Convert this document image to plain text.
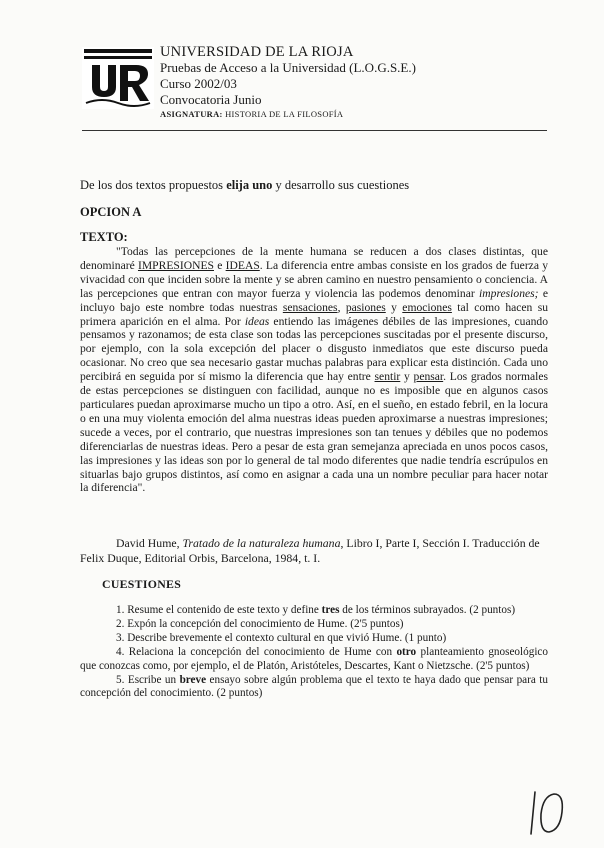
UNIVERSIDAD DE LA RIOJA
Pruebas de Acceso a la Universidad (L.O.G.S.E.)
Curso 2002/03
Convocatoria Junio
ASIGNATURA: HISTORIA DE LA FILOSOFÍA
De los dos textos propuestos elija uno y desarrollo sus cuestiones
OPCION A
TEXTO:
"Todas las percepciones de la mente humana se reducen a dos clases distintas, que denominaré IMPRESIONES e IDEAS. La diferencia entre ambas consiste en los grados de fuerza y vivacidad con que inciden sobre la mente y se abren camino en nuestro pensamiento o conciencia. A las percepciones que entran con mayor fuerza y violencia las podemos denominar impresiones; e incluyo bajo este nombre todas nuestras sensaciones, pasiones y emociones tal como hacen su primera aparición en el alma. Por ideas entiendo las imágenes débiles de las impresiones, cuando pensamos y razonamos; de esta clase son todas las percepciones suscitadas por el presente discurso, por ejemplo, con la sola excepción del placer o disgusto inmediatos que este discurso pueda ocasionar. No creo que sea necesario gastar muchas palabras para explicar esta distinción. Cada uno percibirá en seguida por sí mismo la diferencia que hay entre sentir y pensar. Los grados normales de estas percepciones se distinguen con facilidad, aunque no es imposible que en algunos casos particulares puedan aproximarse mucho un tipo a otro. Así, en el sueño, en estado febril, en la locura o en una muy violenta emoción del alma nuestras ideas pueden aproximarse a nuestras impresiones; sucede a veces, por el contrario, que nuestras impresiones son tan tenues y débiles que no podemos diferenciarlas de nuestras ideas. Pero a pesar de esta gran semejanza apreciada en unos pocos casos, las impresiones y las ideas son por lo general de tal modo diferentes que nadie tendría escrúpulos en situarlas bajo grupos distintos, así como en asignar a cada una un nombre peculiar para hacer notar la diferencia".
David Hume, Tratado de la naturaleza humana, Libro I, Parte I, Sección I. Traducción de Felix Duque, Editorial Orbis, Barcelona, 1984, t. I.
CUESTIONES

1. Resume el contenido de este texto y define tres de los términos subrayados. (2 puntos)

2. Expón la concepción del conocimiento de Hume. (2'5 puntos)

3. Describe brevemente el contexto cultural en que vivió Hume. (1 punto)

4. Relaciona la concepción del conocimiento de Hume con otro planteamiento gnoseológico que conozcas como, por ejemplo, el de Platón, Aristóteles, Descartes, Kant o Nietzsche. (2'5 puntos)

5. Escribe un breve ensayo sobre algún problema que el texto te haya dado que pensar para tu concepción del conocimiento. (2 puntos)
